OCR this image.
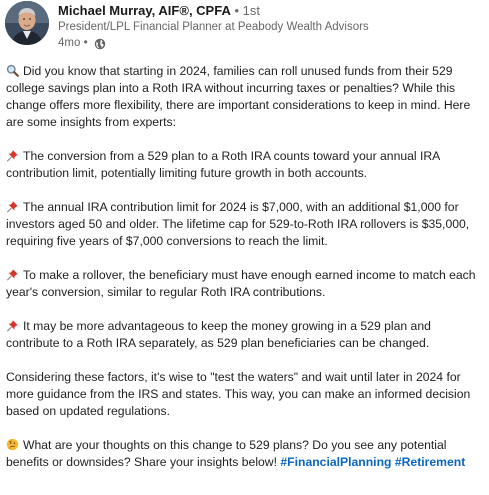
Michael Murray, AIF®, CPFA • 1st
President/LPL Financial Planner at Peabody Wealth Advisors
4mo •

Did you know that starting in 2024, families can roll unused funds from their 529 college savings plan into a Roth IRA without incurring taxes or penalties? While this change offers more flexibility, there are important considerations to keep in mind. Here are some insights from experts:

The conversion from a 529 plan to a Roth IRA counts toward your annual IRA contribution limit, potentially limiting future growth in both accounts.

The annual IRA contribution limit for 2024 is $7,000, with an additional $1,000 for investors aged 50 and older. The lifetime cap for 529-to-Roth IRA rollovers is $35,000, requiring five years of $7,000 conversions to reach the limit.

To make a rollover, the beneficiary must have enough earned income to match each year's conversion, similar to regular Roth IRA contributions.

It may be more advantageous to keep the money growing in a 529 plan and contribute to a Roth IRA separately, as 529 plan beneficiaries can be changed.

Considering these factors, it's wise to "test the waters" and wait until later in 2024 for more guidance from the IRS and states. This way, you can make an informed decision based on updated regulations.

What are your thoughts on this change to 529 plans? Do you see any potential benefits or downsides? Share your insights below! #FinancialPlanning #Retirement
